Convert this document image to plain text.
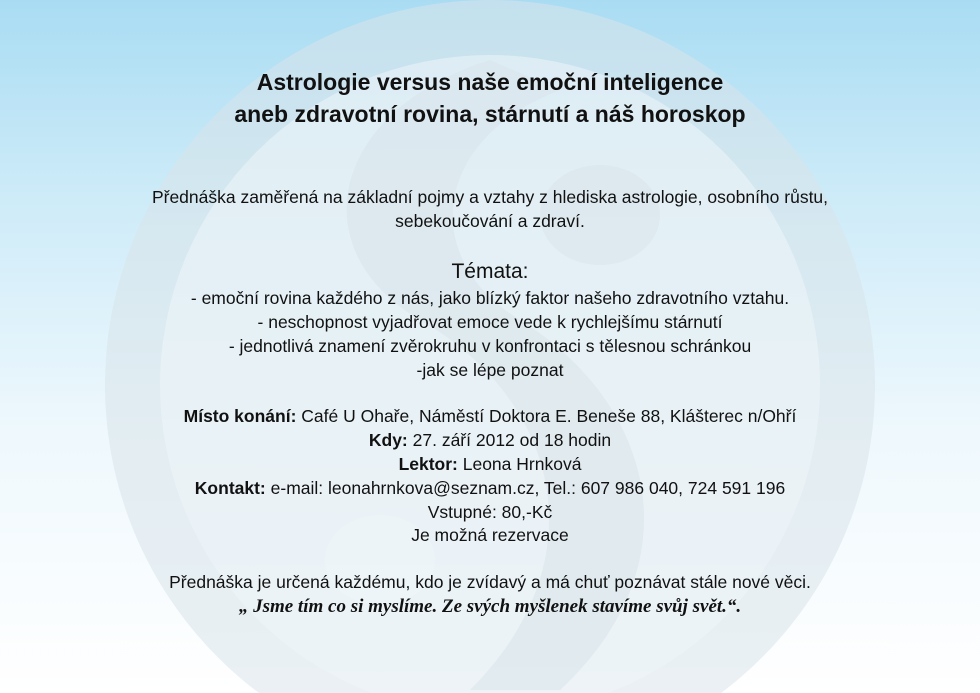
Astrologie versus naše emoční inteligence
aneb zdravotní rovina, stárnutí a náš horoskop
Přednáška zaměřená na základní pojmy a vztahy z hlediska astrologie, osobního růstu,
sebekoučování a zdraví.
Témata:
- emoční rovina každého z nás, jako blízký faktor našeho zdravotního vztahu.
- neschopnost vyjadřovat emoce vede k rychlejšímu stárnutí
- jednotlivá znamení zvěrokruhu v konfrontaci s tělesnou schránkou
-jak se lépe poznat
Místo konání: Café U Ohaře, Náměstí Doktora E. Beneše 88, Klášterec n/Ohří
Kdy: 27. září 2012 od 18 hodin
Lektor: Leona Hrnková
Kontakt: e-mail: leonahrnkova@seznam.cz, Tel.: 607 986 040, 724 591 196
Vstupné: 80,-Kč
Je možná rezervace
Přednáška je určená každému, kdo je zvídavý a má chuť poznávat stále nové věci.
„ Jsme tím co si myslíme. Ze svých myšlenek stavíme svůj svět.“.
